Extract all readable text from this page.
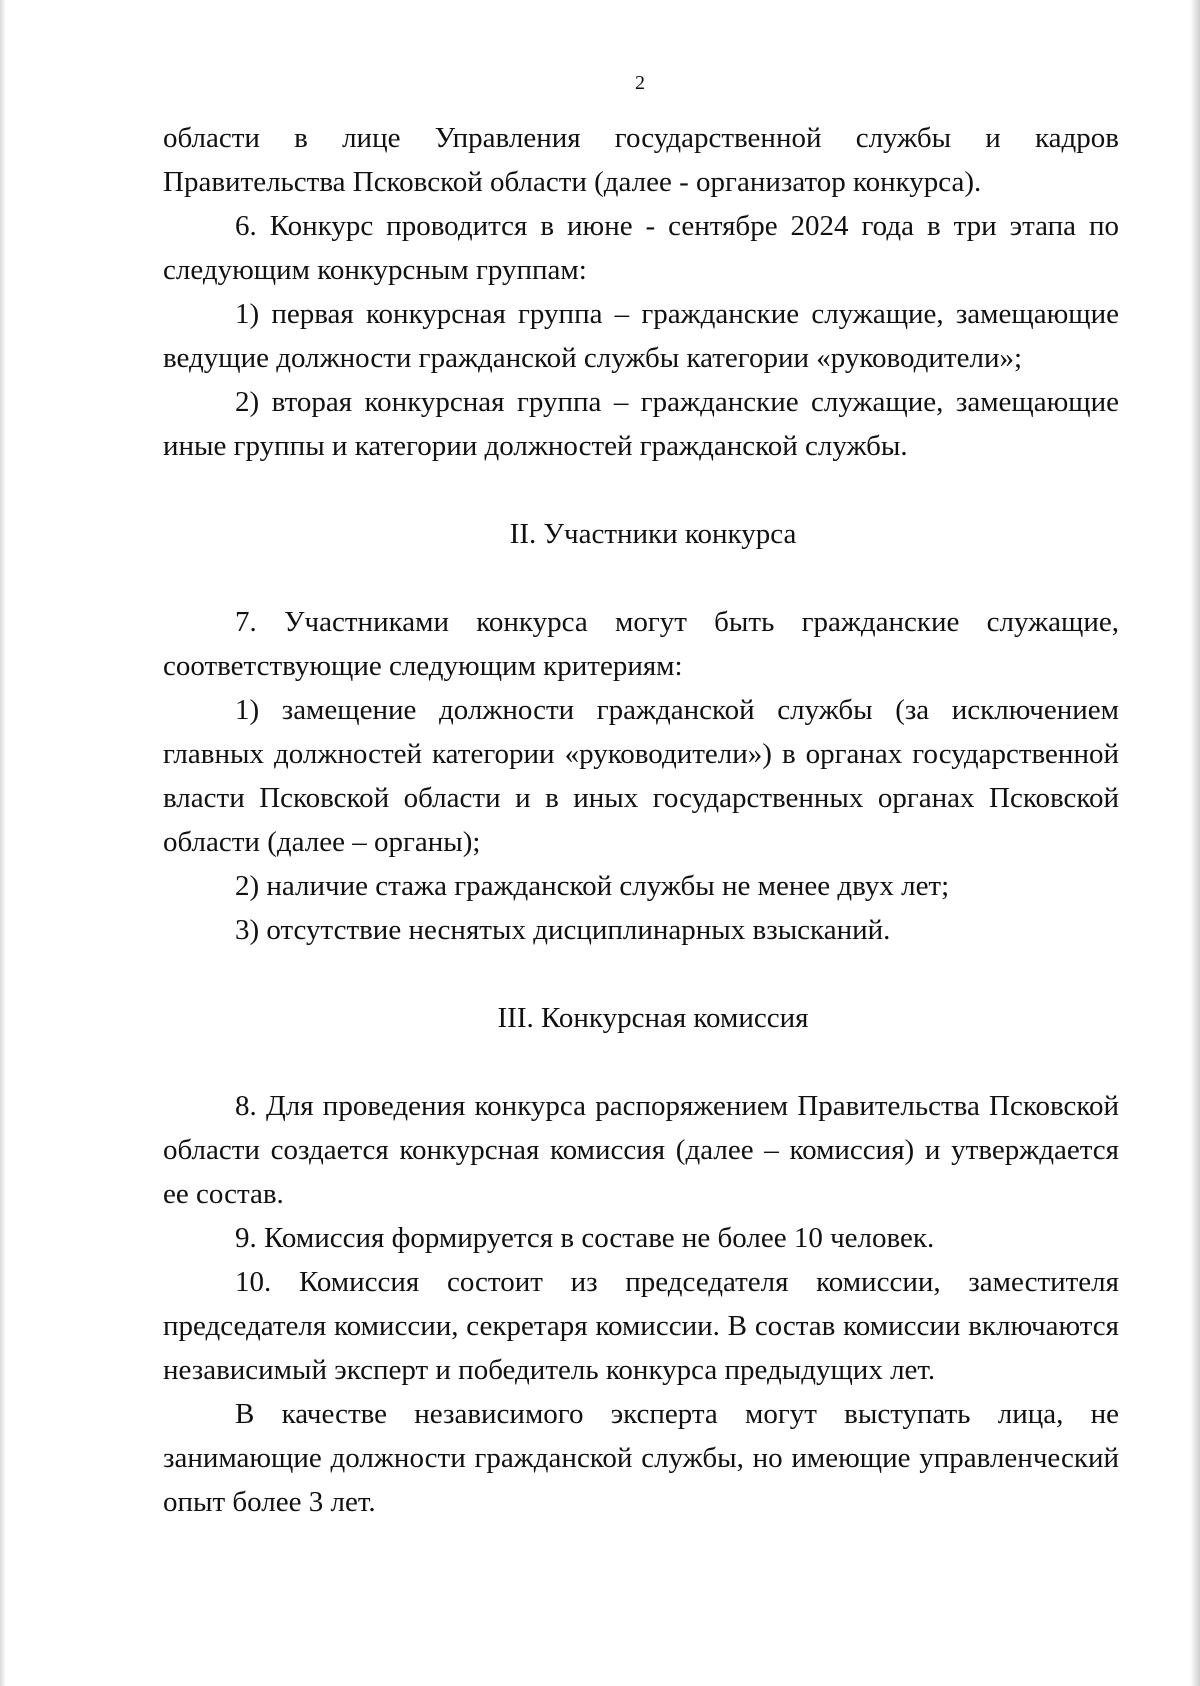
2

области в лице Управления государственной службы и кадров

Правительства Псковской области (далее - организатор конкурса).

6. Конкурс проводится в июне - сентябре 2024 года в три этапа по следующим конкурсным группам:

1) первая конкурсная группа – гражданские служащие, замещающие ведущие должности гражданской службы категории «руководители»;

2) вторая конкурсная группа – гражданские служащие, замещающие иные группы и категории должностей гражданской службы.

II. Участники конкурса

7. Участниками конкурса могут быть гражданские служащие, соответствующие следующим критериям:

1) замещение должности гражданской службы (за исключением главных должностей категории «руководители») в органах государственной власти Псковской области и в иных государственных органах Псковской области (далее – органы);

2) наличие стажа гражданской службы не менее двух лет;

3) отсутствие неснятых дисциплинарных взысканий.

III. Конкурсная комиссия

8. Для проведения конкурса распоряжением Правительства Псковской области создается конкурсная комиссия (далее – комиссия) и утверждается ее состав.

9. Комиссия формируется в составе не более 10 человек.

10. Комиссия состоит из председателя комиссии, заместителя председателя комиссии, секретаря комиссии. В состав комиссии включаются независимый эксперт и победитель конкурса предыдущих лет.

В качестве независимого эксперта могут выступать лица, не занимающие должности гражданской службы, но имеющие управленческий опыт более 3 лет.
